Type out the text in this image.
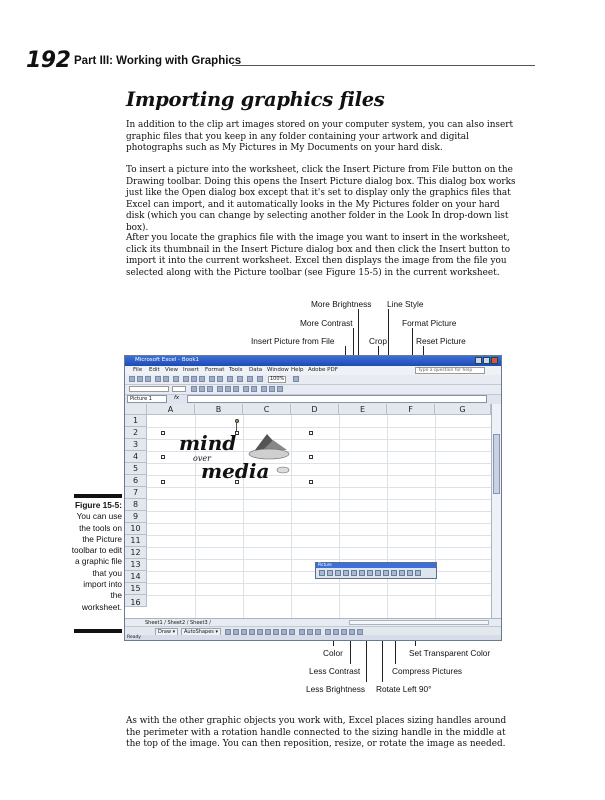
192 Part III: Working with Graphics
Importing graphics files
In addition to the clip art images stored on your computer system, you can also insert graphic files that you keep in any folder containing your artwork and digital photographs such as My Pictures in My Documents on your hard disk.
To insert a picture into the worksheet, click the Insert Picture from File button on the Drawing toolbar. Doing this opens the Insert Picture dialog box. This dialog box works just like the Open dialog box except that it's set to display only the graphics files that Excel can import, and it automatically looks in the My Pictures folder on your hard disk (which you can change by selecting another folder in the Look In drop-down list box).
After you locate the graphics file with the image you want to insert in the worksheet, click its thumbnail in the Insert Picture dialog box and then click the Insert button to import it into the current worksheet. Excel then displays the image from the file you selected along with the Picture toolbar (see Figure 15-5) in the current worksheet.
As with the other graphic objects you work with, Excel places sizing handles around the perimeter with a rotation handle connected to the sizing handle in the middle at the top of the image. You can then reposition, resize, or rotate the image as needed.
More Brightness Line Style
More Contrast	Format Picture
Insert Picture from File	Crop	Reset Picture
Color	Set Transparent Color
Less Contrast	Compress Pictures
Less Brightness Rotate Left 90°
Figure 15-5:
You can use the tools on the Picture toolbar to edit a graphic file that you import into the worksheet.
Microsoft Excel - Book1
File Edit View Insert Format Tools Data Window Help Adobe PDF	Type a question for help
100%
Picture 1	fx
A	B	C	D	E	F	G
1
2
3
4
5
6
7
8
9
10
11
12
13
14
15
16
mind
over
media
Picture
Sheet1 / Sheet2 / Sheet3 /
Draw ▾	AutoShapes ▾
Ready
